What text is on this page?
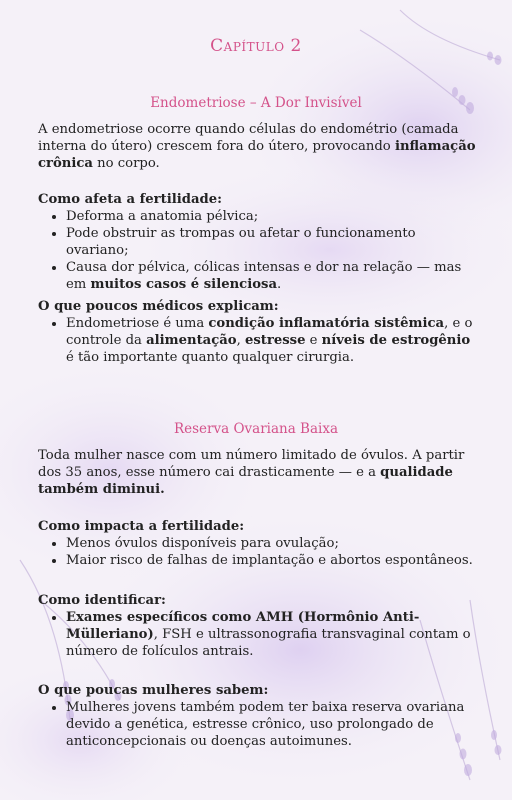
Capítulo 2
Endometriose – A Dor Invisível

A endometriose ocorre quando células do endométrio (camada interna do útero) crescem fora do útero, provocando inflamação crônica no corpo.

Como afeta a fertilidade:

• Deforma a anatomia pélvica;
• Pode obstruir as trompas ou afetar o funcionamento ovariano;
• Causa dor pélvica, cólicas intensas e dor na relação — mas em muitos casos é silenciosa.

O que poucos médicos explicam:

• Endometriose é uma condição inflamatória sistêmica, e o controle da alimentação, estresse e níveis de estrogênio é tão importante quanto qualquer cirurgia.
Reserva Ovariana Baixa

Toda mulher nasce com um número limitado de óvulos. A partir dos 35 anos, esse número cai drasticamente — e a qualidade também diminui.

Como impacta a fertilidade:

• Menos óvulos disponíveis para ovulação;
• Maior risco de falhas de implantação e abortos espontâneos.

Como identificar:

• Exames específicos como AMH (Hormônio Anti-Mülleriano), FSH e ultrassonografia transvaginal contam o número de folículos antrais.

O que poucas mulheres sabem:

• Mulheres jovens também podem ter baixa reserva ovariana devido a genética, estresse crônico, uso prolongado de anticoncepcionais ou doenças autoimunes.
